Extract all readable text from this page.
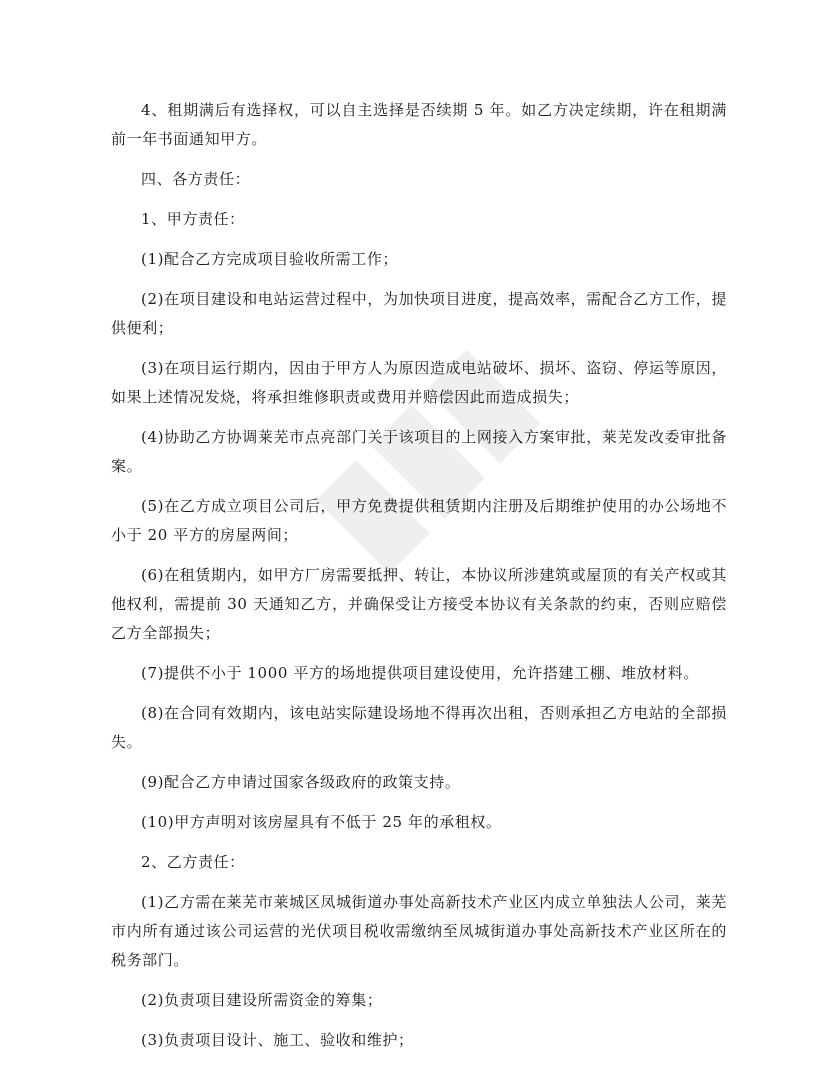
4、租期满后有选择权，可以自主选择是否续期 5 年。如乙方决定续期，许在租期满前一年书面通知甲方。

四、各方责任：

1、甲方责任：

(1)配合乙方完成项目验收所需工作；

(2)在项目建设和电站运营过程中，为加快项目进度，提高效率，需配合乙方工作，提供便利；

(3)在项目运行期内，因由于甲方人为原因造成电站破坏、损坏、盗窃、停运等原因，如果上述情况发烧，将承担维修职责或费用并赔偿因此而造成损失；

(4)协助乙方协调莱芜市点亮部门关于该项目的上网接入方案审批，莱芜发改委审批备案。

(5)在乙方成立项目公司后，甲方免费提供租赁期内注册及后期维护使用的办公场地不小于 20 平方的房屋两间；

(6)在租赁期内，如甲方厂房需要抵押、转让，本协议所涉建筑或屋顶的有关产权或其他权利，需提前 30 天通知乙方，并确保受让方接受本协议有关条款的约束，否则应赔偿乙方全部损失；

(7)提供不小于 1000 平方的场地提供项目建设使用，允许搭建工棚、堆放材料。

(8)在合同有效期内，该电站实际建设场地不得再次出租，否则承担乙方电站的全部损失。

(9)配合乙方申请过国家各级政府的政策支持。

(10)甲方声明对该房屋具有不低于 25 年的承租权。

2、乙方责任：

(1)乙方需在莱芜市莱城区凤城街道办事处高新技术产业区内成立单独法人公司，莱芜市内所有通过该公司运营的光伏项目税收需缴纳至凤城街道办事处高新技术产业区所在的税务部门。

(2)负责项目建设所需资金的筹集；

(3)负责项目设计、施工、验收和维护；
